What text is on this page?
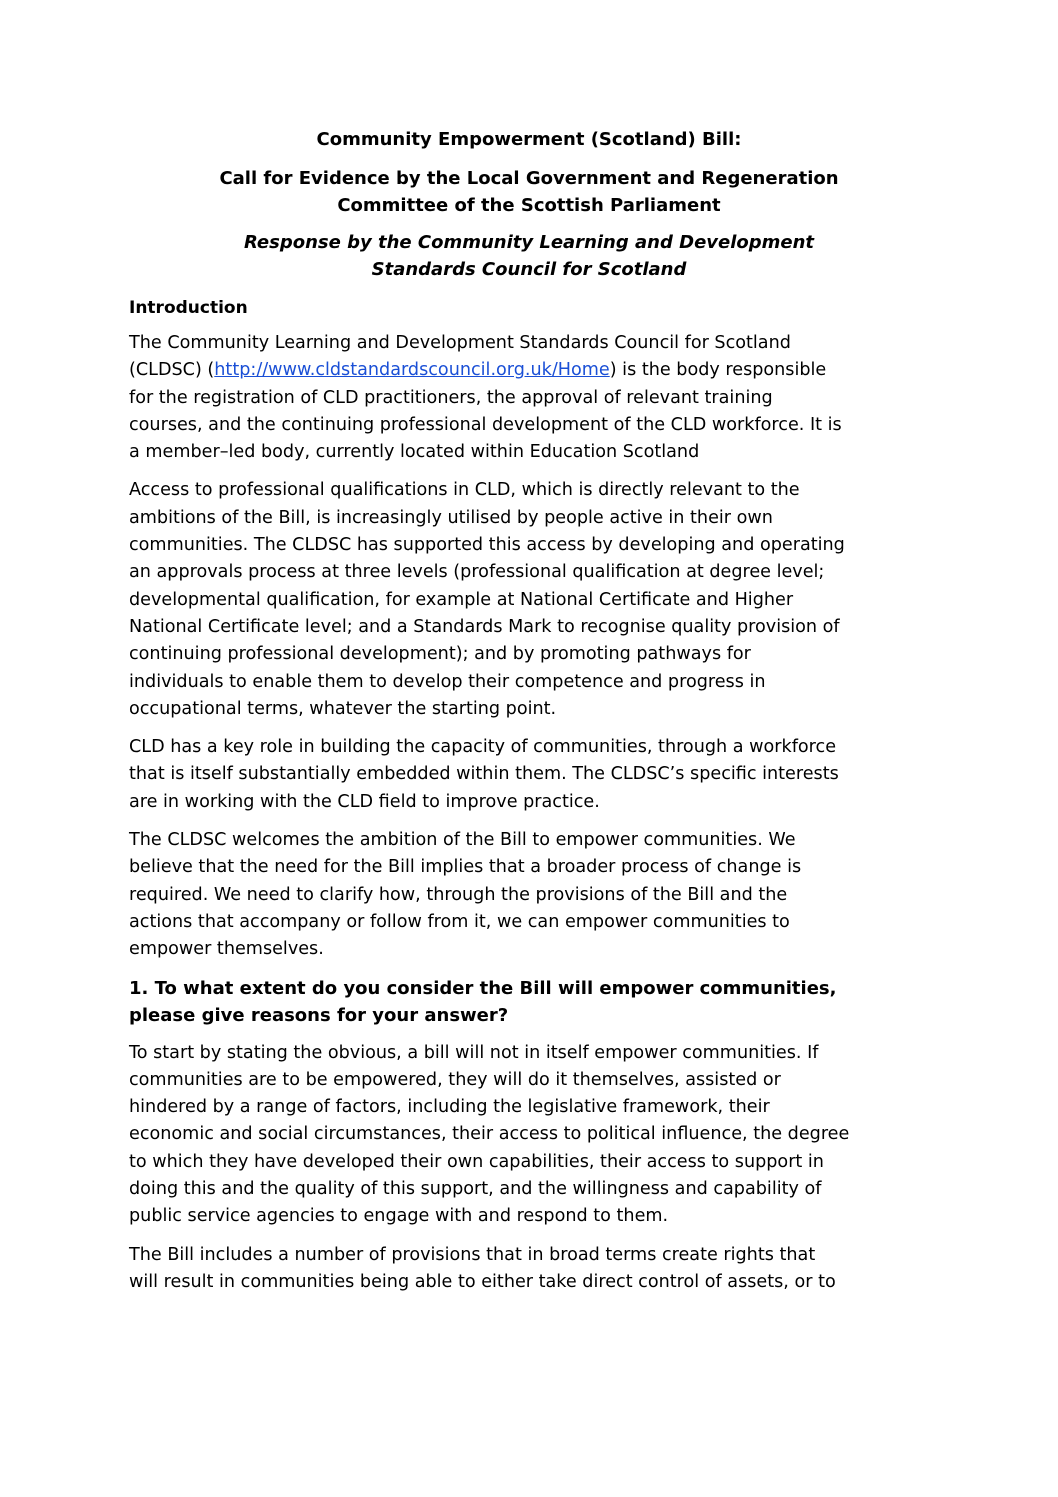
Community Empowerment (Scotland) Bill:
Call for Evidence by the Local Government and Regeneration
Committee of the Scottish Parliament
Response by the Community Learning and Development
Standards Council for Scotland
Introduction

The Community Learning and Development Standards Council for Scotland
(CLDSC) (http://www.cldstandardscouncil.org.uk/Home) is the body responsible
for the registration of CLD practitioners, the approval of relevant training
courses, and the continuing professional development of the CLD workforce. It is
a member–led body, currently located within Education Scotland

Access to professional qualifications in CLD, which is directly relevant to the
ambitions of the Bill, is increasingly utilised by people active in their own
communities. The CLDSC has supported this access by developing and operating
an approvals process at three levels (professional qualification at degree level;
developmental qualification, for example at National Certificate and Higher
National Certificate level; and a Standards Mark to recognise quality provision of
continuing professional development); and by promoting pathways for
individuals to enable them to develop their competence and progress in
occupational terms, whatever the starting point.

CLD has a key role in building the capacity of communities, through a workforce
that is itself substantially embedded within them. The CLDSC’s specific interests
are in working with the CLD field to improve practice.

The CLDSC welcomes the ambition of the Bill to empower communities. We
believe that the need for the Bill implies that a broader process of change is
required. We need to clarify how, through the provisions of the Bill and the
actions that accompany or follow from it, we can empower communities to
empower themselves.

1. To what extent do you consider the Bill will empower communities,
please give reasons for your answer?

To start by stating the obvious, a bill will not in itself empower communities. If
communities are to be empowered, they will do it themselves, assisted or
hindered by a range of factors, including the legislative framework, their
economic and social circumstances, their access to political influence, the degree
to which they have developed their own capabilities, their access to support in
doing this and the quality of this support, and the willingness and capability of
public service agencies to engage with and respond to them.

The Bill includes a number of provisions that in broad terms create rights that
will result in communities being able to either take direct control of assets, or to
